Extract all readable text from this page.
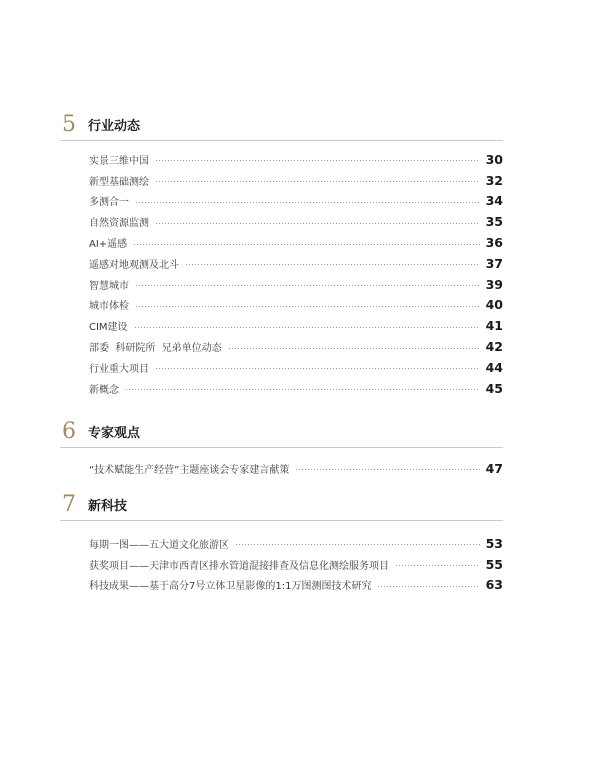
5 行业动态
实景三维中国	30
新型基础测绘	32
多测合一	34
自然资源监测	35
AI+遥感	36
遥感对地观测及北斗	37
智慧城市	39
城市体检	40
CIM建设	41
部委  科研院所  兄弟单位动态	42
行业重大项目	44
新概念	45
6 专家观点
“技术赋能生产经营”主题座谈会专家建言献策	47
7 新科技
每期一图——五大道文化旅游区	53
获奖项目——天津市西青区排水管道混接排查及信息化测绘服务项目	55
科技成果——基于高分7号立体卫星影像的1:1万图测图技术研究	63
